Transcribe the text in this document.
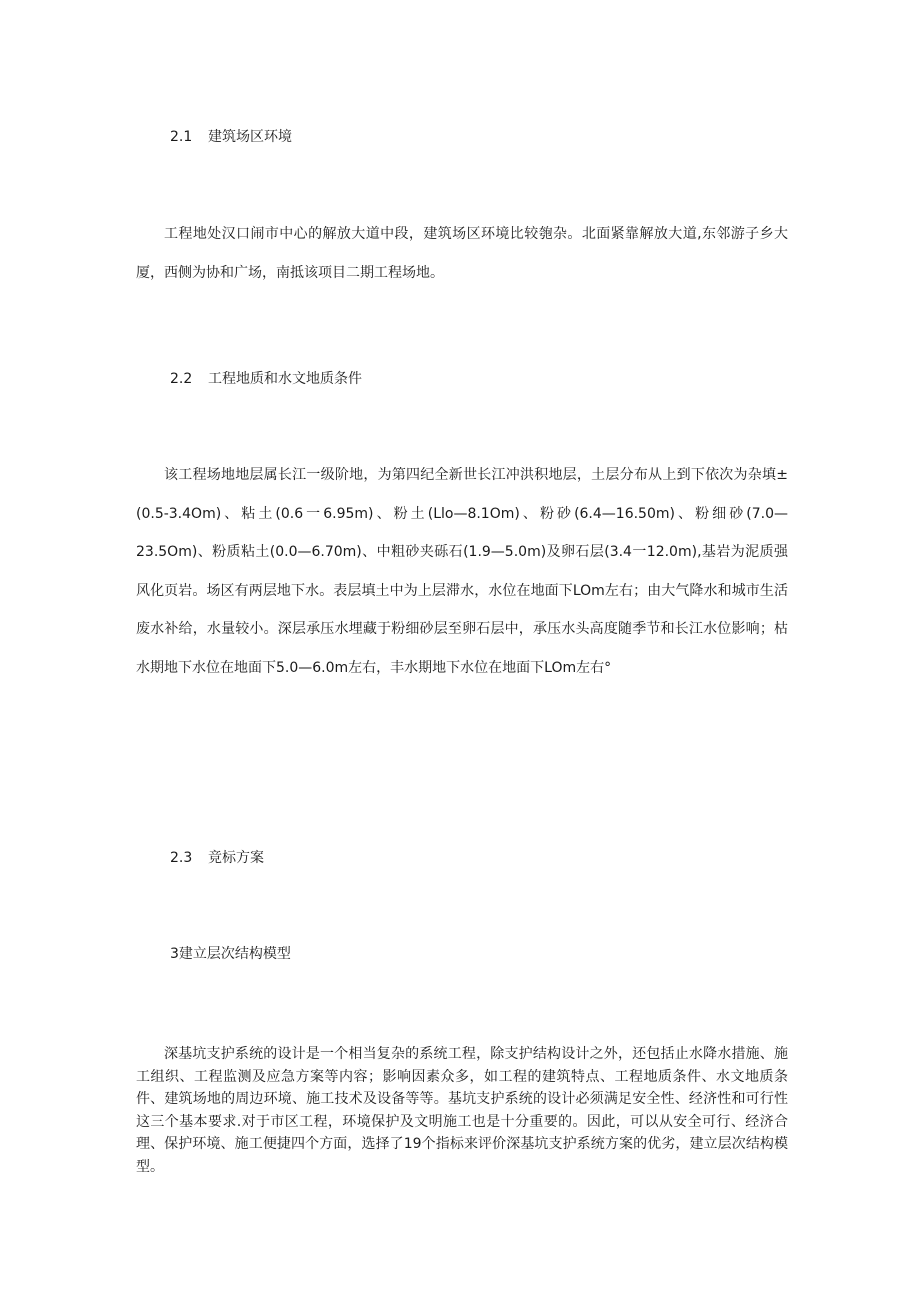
2.1 建筑场区环境

工程地处汉口闹市中心的解放大道中段，建筑场区环境比较匏杂。北面紧靠解放大道,东邻游子乡大厦，西侧为协和广场，南抵该项目二期工程场地。

2.2 工程地质和水文地质条件

该工程场地地层属长江一级阶地，为第四纪全新世长江冲洪积地层，土层分布从上到下依次为杂填±(0.5-3.4Om)、粘土(0.6一6.95m)、粉土(Llo—8.1Om)、粉砂(6.4—16.50m)、粉细砂(7.0—23.5Om)、粉质粘土(0.0—6.70m)、中粗砂夹砾石(1.9—5.0m)及卵石层(3.4一12.0m),基岩为泥质强风化页岩。场区有两层地下水。表层填土中为上层滞水，水位在地面下LOm左右；由大气降水和城市生活废水补给，水量较小。深层承压水埋藏于粉细砂层至卵石层中，承压水头高度随季节和长江水位影响；枯水期地下水位在地面下5.0—6.0m左右，丰水期地下水位在地面下LOm左右°

2.3 竞标方案
3建立层次结构模型

深基坑支护系统的设计是一个相当复杂的系统工程，除支护结构设计之外，还包括止水降水措施、施工组织、工程监测及应急方案等内容；影响因素众多，如工程的建筑特点、工程地质条件、水文地质条件、建筑场地的周边环境、施工技术及设备等等。基坑支护系统的设计必须满足安全性、经济性和可行性这三个基本要求.对于市区工程，环境保护及文明施工也是十分重要的。因此，可以从安全可行、经济合理、保护环境、施工便捷四个方面，选择了19个指标来评价深基坑支护系统方案的优劣，建立层次结构模型。
